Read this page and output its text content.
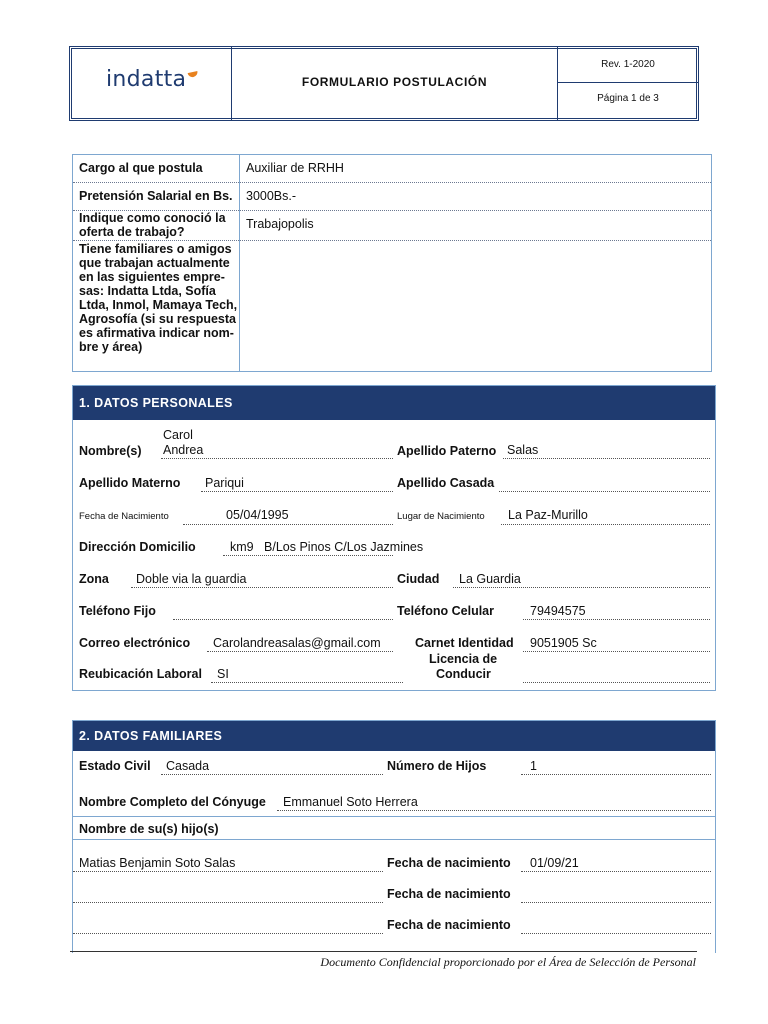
indatta	FORMULARIO POSTULACIÓN
Rev. 1-2020
Página 1 de 3
Cargo al que postula	Auxiliar de RRHH
Pretensión Salarial en Bs. 3000Bs.-
Indique como conoció la
oferta de trabajo?
Trabajopolis
Tiene familiares o amigos
que trabajan actualmente
en las siguientes empre-
sas: Indatta Ltda, Sofía
Ltda, Inmol, Mamaya Tech,
Agrosofía (si su respuesta
es afirmativa indicar nom-
bre y área)
1. DATOS PERSONALES
Nombre(s)
Carol
Andrea	Apellido Paterno Salas
Apellido Materno Pariqui	Apellido Casada
Fecha de Nacimiento	05/04/1995	Lugar de Nacimiento La Paz-Murillo
Dirección Domicilio	km9   B/Los Pinos C/Los Jazmines
Zona Doble via la guardia	Ciudad La Guardia
Teléfono Fijo	Teléfono Celular	79494575
Correo electrónico Carolandreasalas@gmail.com	Carnet Identidad 9051905 Sc
Reubicación Laboral SI
Licencia de
Conducir
2. DATOS FAMILIARES
Estado Civil Casada	Número de Hijos	1
Nombre Completo del Cónyuge Emmanuel Soto Herrera
Nombre de su(s) hijo(s)
Matias Benjamin Soto Salas	Fecha de nacimiento 01/09/21
Fecha de nacimiento
Fecha de nacimiento
Documento Confidencial proporcionado por el Área de Selección de Personal
